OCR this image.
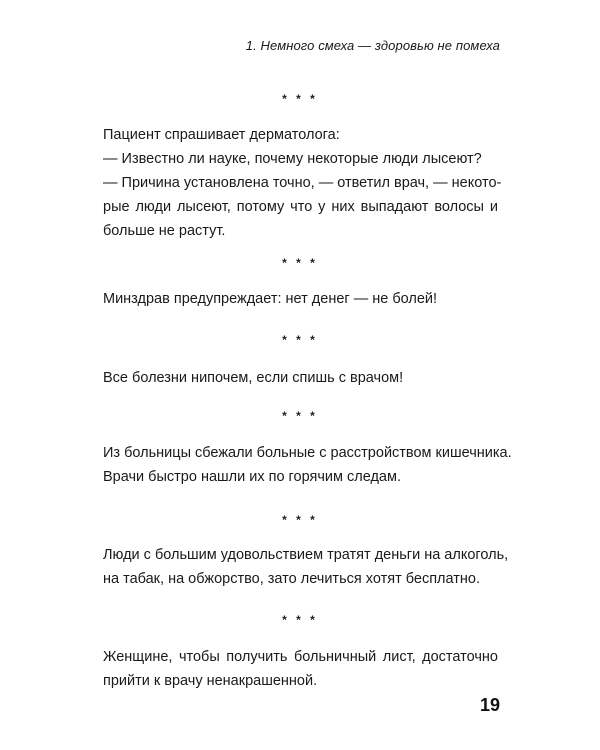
1. Немного смеха — здоровью не помеха
* * *
Пациент спрашивает дерматолога:
— Известно ли науке, почему некоторые люди лысеют?
— Причина установлена точно, — ответил врач, — некото-
рые люди лысеют, потому что у них выпадают волосы и
больше не растут.
* * *
Минздрав предупреждает: нет денег — не болей!
* * *
Все болезни нипочем, если спишь с врачом!
* * *
Из больницы сбежали больные с расстройством кишечника.
Врачи быстро нашли их по горячим следам.
* * *
Люди с большим удовольствием тратят деньги на алкоголь,
на табак, на обжорство, зато лечиться хотят бесплатно.
* * *
Женщине, чтобы получить больничный лист, достаточно
прийти к врачу ненакрашенной.
19
